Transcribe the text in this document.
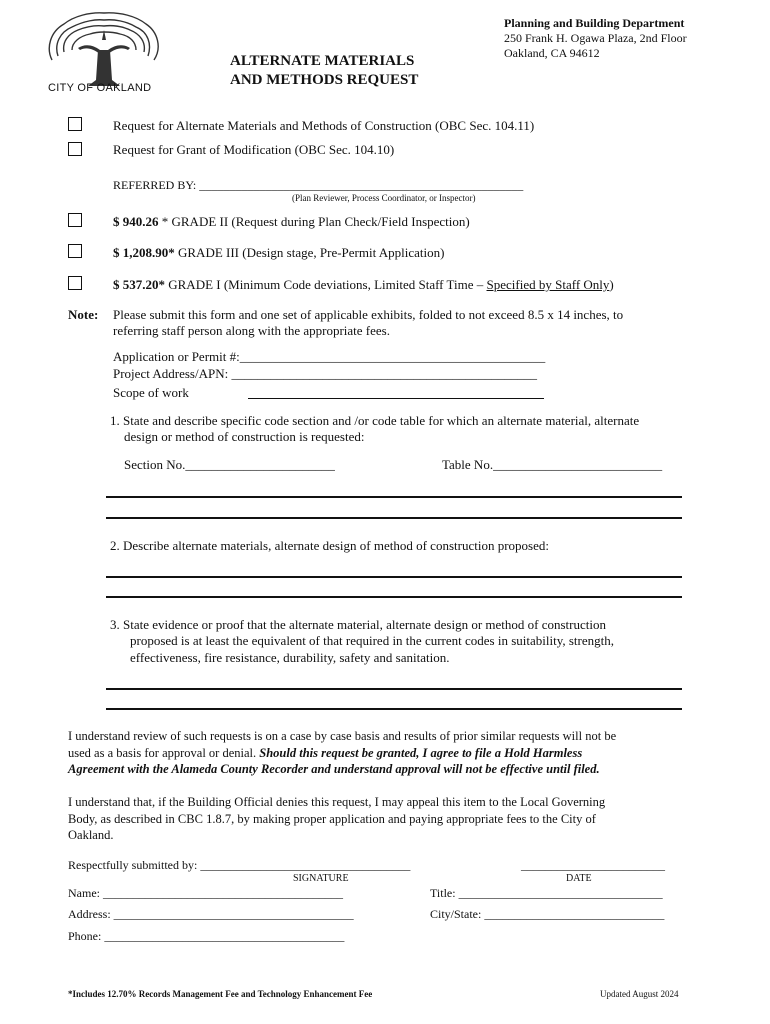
CITY OF OAKLAND
ALTERNATE MATERIALS
AND METHODS REQUEST
Planning and Building Department
250 Frank H. Ogawa Plaza, 2nd Floor
Oakland, CA 94612
Request for Alternate Materials and Methods of Construction (OBC Sec. 104.11)
Request for Grant of Modification (OBC Sec. 104.10)
REFERRED BY: ______________________________________________________
(Plan Reviewer, Process Coordinator, or Inspector)
$ 940.26 * GRADE II (Request during Plan Check/Field Inspection)
$ 1,208.90* GRADE III (Design stage, Pre-Permit Application)
$ 537.20* GRADE I (Minimum Code deviations, Limited Staff Time – Specified by Staff Only)
Note: Please submit this form and one set of applicable exhibits, folded to not exceed 8.5 x 14 inches, to
referring staff person along with the appropriate fees.
Application or Permit #:_______________________________________________
Project Address/APN: _______________________________________________
Scope of work
1. State and describe specific code section and /or code table for which an alternate material, alternate
design or method of construction is requested:
Section No._______________________	Table No.__________________________
2. Describe alternate materials, alternate design of method of construction proposed:
3. State evidence or proof that the alternate material, alternate design or method of construction
proposed is at least the equivalent of that required in the current codes in suitability, strength,
effectiveness, fire resistance, durability, safety and sanitation.
I understand review of such requests is on a case by case basis and results of prior similar requests will not be
used as a basis for approval or denial. Should this request be granted, I agree to file a Hold Harmless
Agreement with the Alameda County Recorder and understand approval will not be effective until filed.
I understand that, if the Building Official denies this request, I may appeal this item to the Local Governing
Body, as described in CBC 1.8.7, by making proper application and paying appropriate fees to the City of
Oakland.
Respectfully submitted by: ___________________________________	________________________
SIGNATURE	DATE
Name: ________________________________________	Title: __________________________________
Address: ________________________________________	City/State: ______________________________
Phone: ________________________________________
*Includes 12.70% Records Management Fee and Technology Enhancement Fee	Updated August 2024
